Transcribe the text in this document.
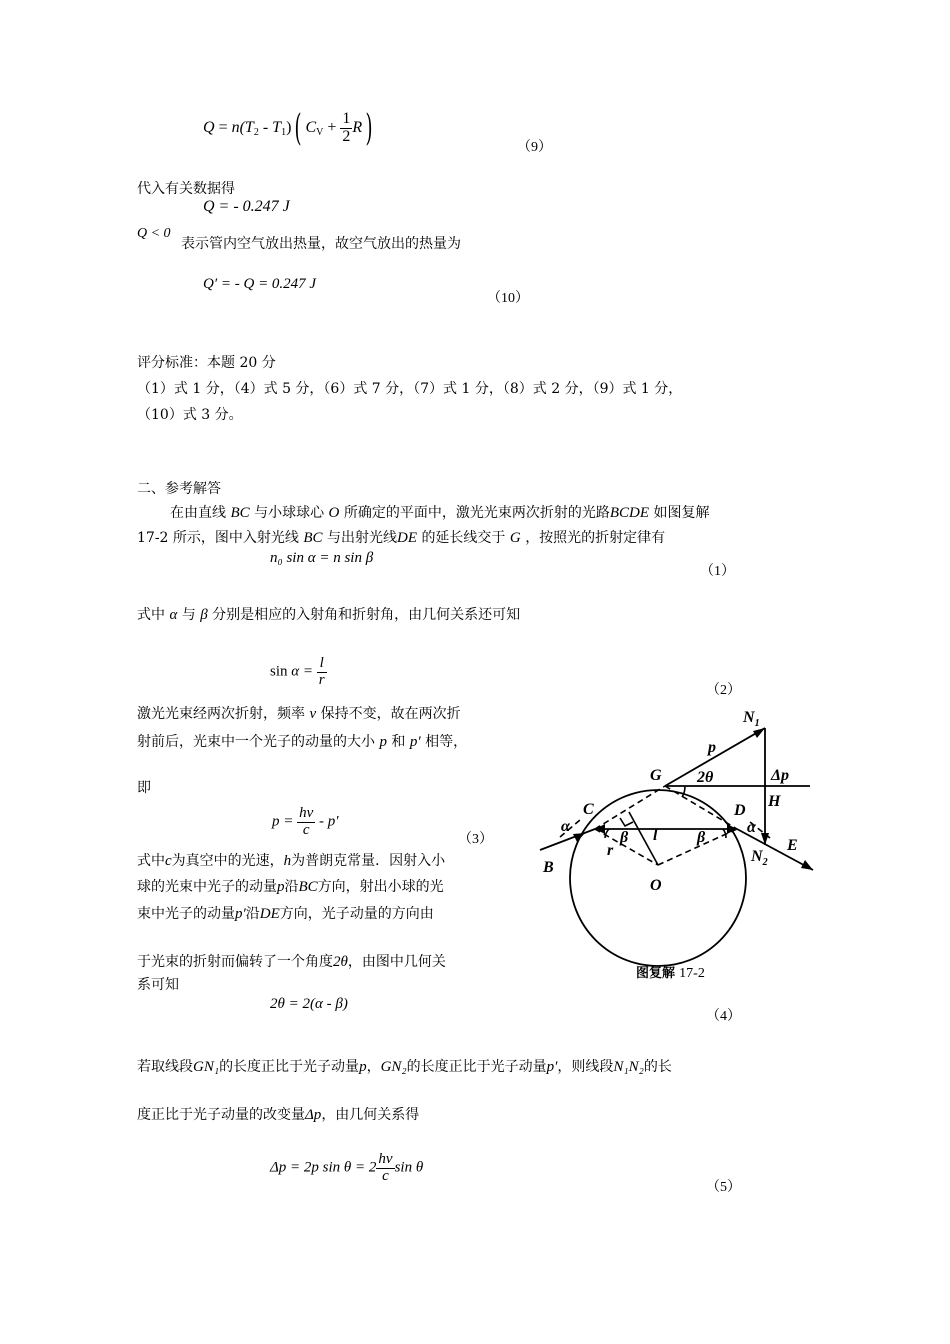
$Q = n(T_2 - T_1)$( $C_V + \frac{1}{2} R$)	（9）
代入有关数据得
Q = - 0.247 J
Q < 0
表示管内空气放出热量，故空气放出的热量为
Q′ = - Q = 0.247 J
（10）
评分标准：本题 20 分
（1）式 1 分，（4）式 5 分，（6）式 7 分，（7）式 1 分，（8）式 2 分，（9）式 1 分，
（10）式 3 分。
二、参考解答
在由直线 BC 与小球球心 O 所确定的平面中，激光光束两次折射的光路BCDE 如图复解
17-2 所示，图中入射光线 BC 与出射光线DE 的延长线交于 G ，按照光的折射定律有
n₀ sin α = n sin β
（1）
式中 α 与 β 分别是相应的入射角和折射角，由几何关系还可知
$\sin \alpha = \frac{l}{r}$
（2）
激光光束经两次折射，频率 ν 保持不变，故在两次折
射前后，光束中一个光子的动量的大小 p 和 p′ 相等，
即
$p = \frac{h\nu}{c} - p'$
（3）
式中c为真空中的光速，h为普朗克常量．因射入小
球的光束中光子的动量p沿BC方向，射出小球的光
束中光子的动量p′沿DE方向，光子动量的方向由
于光束的折射而偏转了一个角度2θ，由图中几何关
系可知
2θ = 2(α - β)
（4）
若取线段GN₁的长度正比于光子动量p，GN₂的长度正比于光子动量p′，则线段N₁N₂的长
度正比于光子动量的改变量Δp，由几何关系得
Δp = 2p $\sin \theta = 2 \frac{h\nu}{c}$ sin θ
（5）
$N_1$
p
G 2θ	Δp
H
C	D
α	α
β	β
l
r
O
B
$N_2$
E
图复解 17-2
